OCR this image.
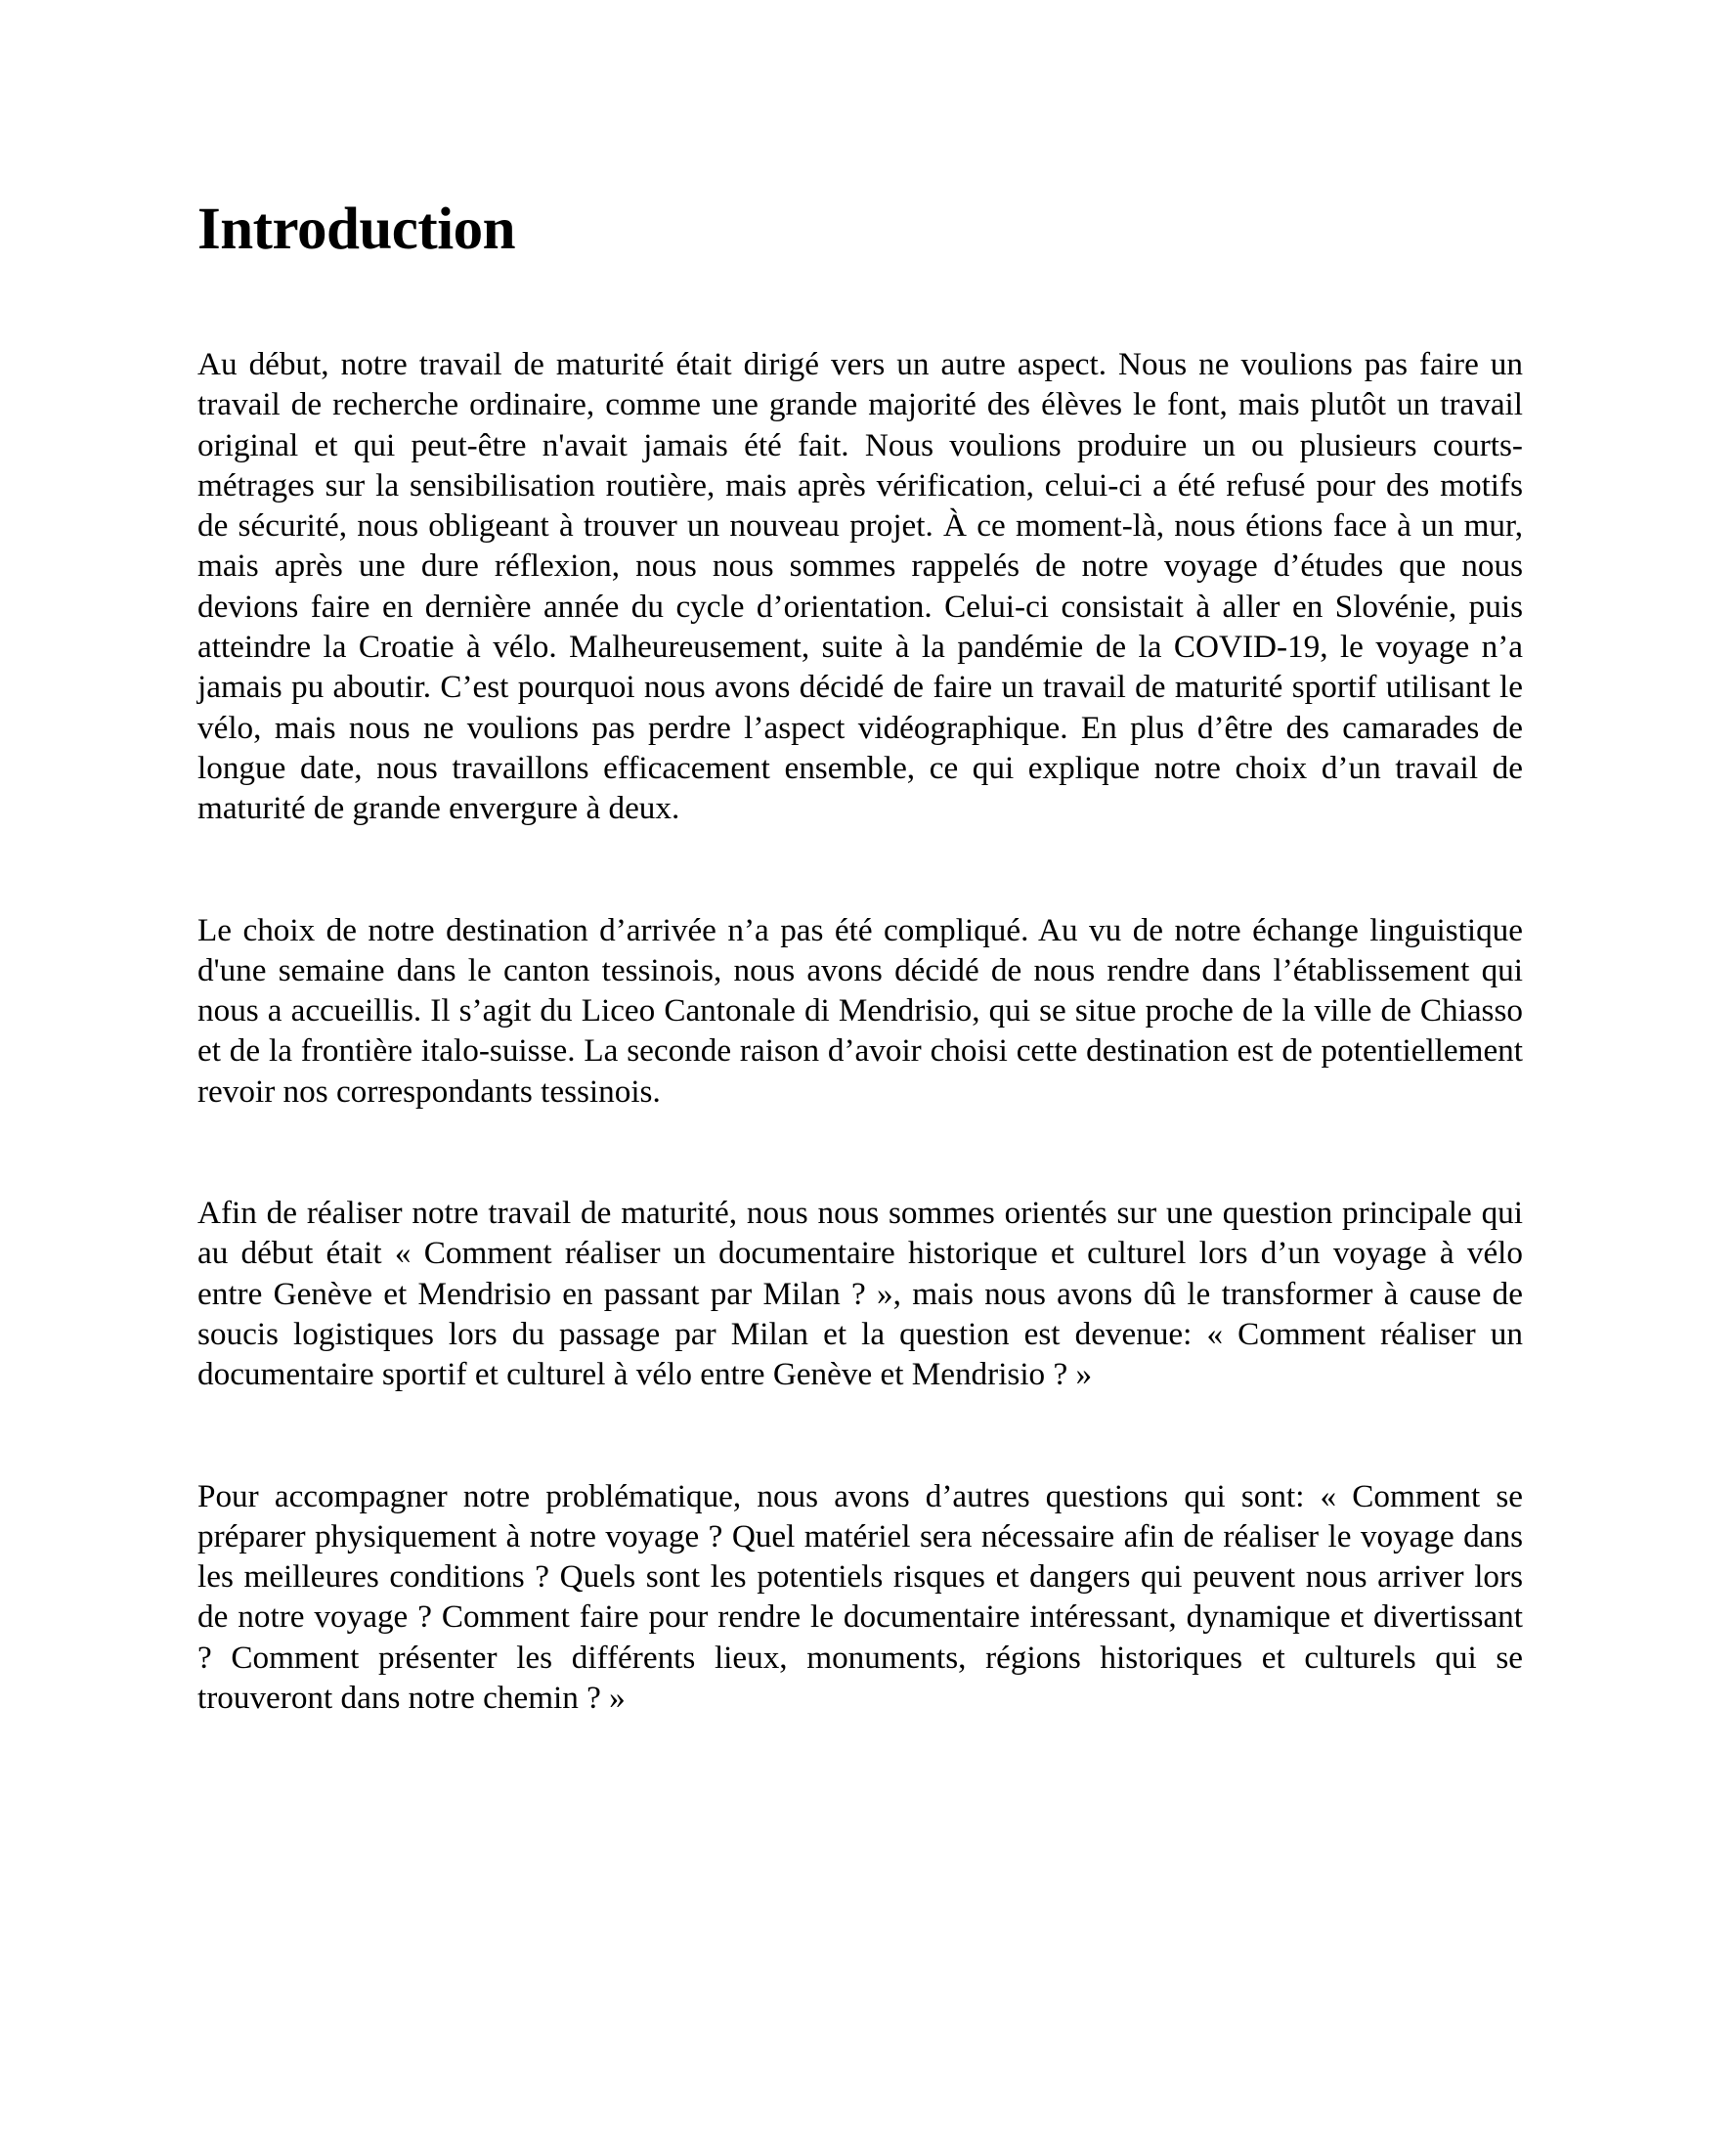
Introduction

Au début, notre travail de maturité était dirigé vers un autre aspect. Nous ne voulions pas faire un travail de recherche ordinaire, comme une grande majorité des élèves le font, mais plutôt un travail original et qui peut-être n'avait jamais été fait. Nous voulions produire un ou plusieurs courts-métrages sur la sensibilisation routière, mais après vérification, celui-ci a été refusé pour des motifs de sécurité, nous obligeant à trouver un nouveau projet. À ce moment-là, nous étions face à un mur, mais après une dure réflexion, nous nous sommes rappelés de notre voyage d’études que nous devions faire en dernière année du cycle d’orientation. Celui-ci consistait à aller en Slovénie, puis atteindre la Croatie à vélo. Malheureusement, suite à la pandémie de la COVID-19, le voyage n’a jamais pu aboutir. C’est pourquoi nous avons décidé de faire un travail de maturité sportif utilisant le vélo, mais nous ne voulions pas perdre l’aspect vidéographique. En plus d’être des camarades de longue date, nous travaillons efficacement ensemble, ce qui explique notre choix d’un travail de maturité de grande envergure à deux.

Le choix de notre destination d’arrivée n’a pas été compliqué. Au vu de notre échange linguistique d'une semaine dans le canton tessinois, nous avons décidé de nous rendre dans l’établissement qui nous a accueillis. Il s’agit du Liceo Cantonale di Mendrisio, qui se situe proche de la ville de Chiasso et de la frontière italo-suisse. La seconde raison d’avoir choisi cette destination est de potentiellement revoir nos correspondants tessinois.

Afin de réaliser notre travail de maturité, nous nous sommes orientés sur une question principale qui au début était « Comment réaliser un documentaire historique et culturel lors d’un voyage à vélo entre Genève et Mendrisio en passant par Milan ? », mais nous avons dû le transformer à cause de soucis logistiques lors du passage par Milan et la question est devenue: « Comment réaliser un documentaire sportif et culturel à vélo entre Genève et Mendrisio ? »

Pour accompagner notre problématique, nous avons d’autres questions qui sont: « Comment se préparer physiquement à notre voyage ? Quel matériel sera nécessaire afin de réaliser le voyage dans les meilleures conditions ? Quels sont les potentiels risques et dangers qui peuvent nous arriver lors de notre voyage ? Comment faire pour rendre le documentaire intéressant, dynamique et divertissant ? Comment présenter les différents lieux, monuments, régions historiques et culturels qui se trouveront dans notre chemin ? »
